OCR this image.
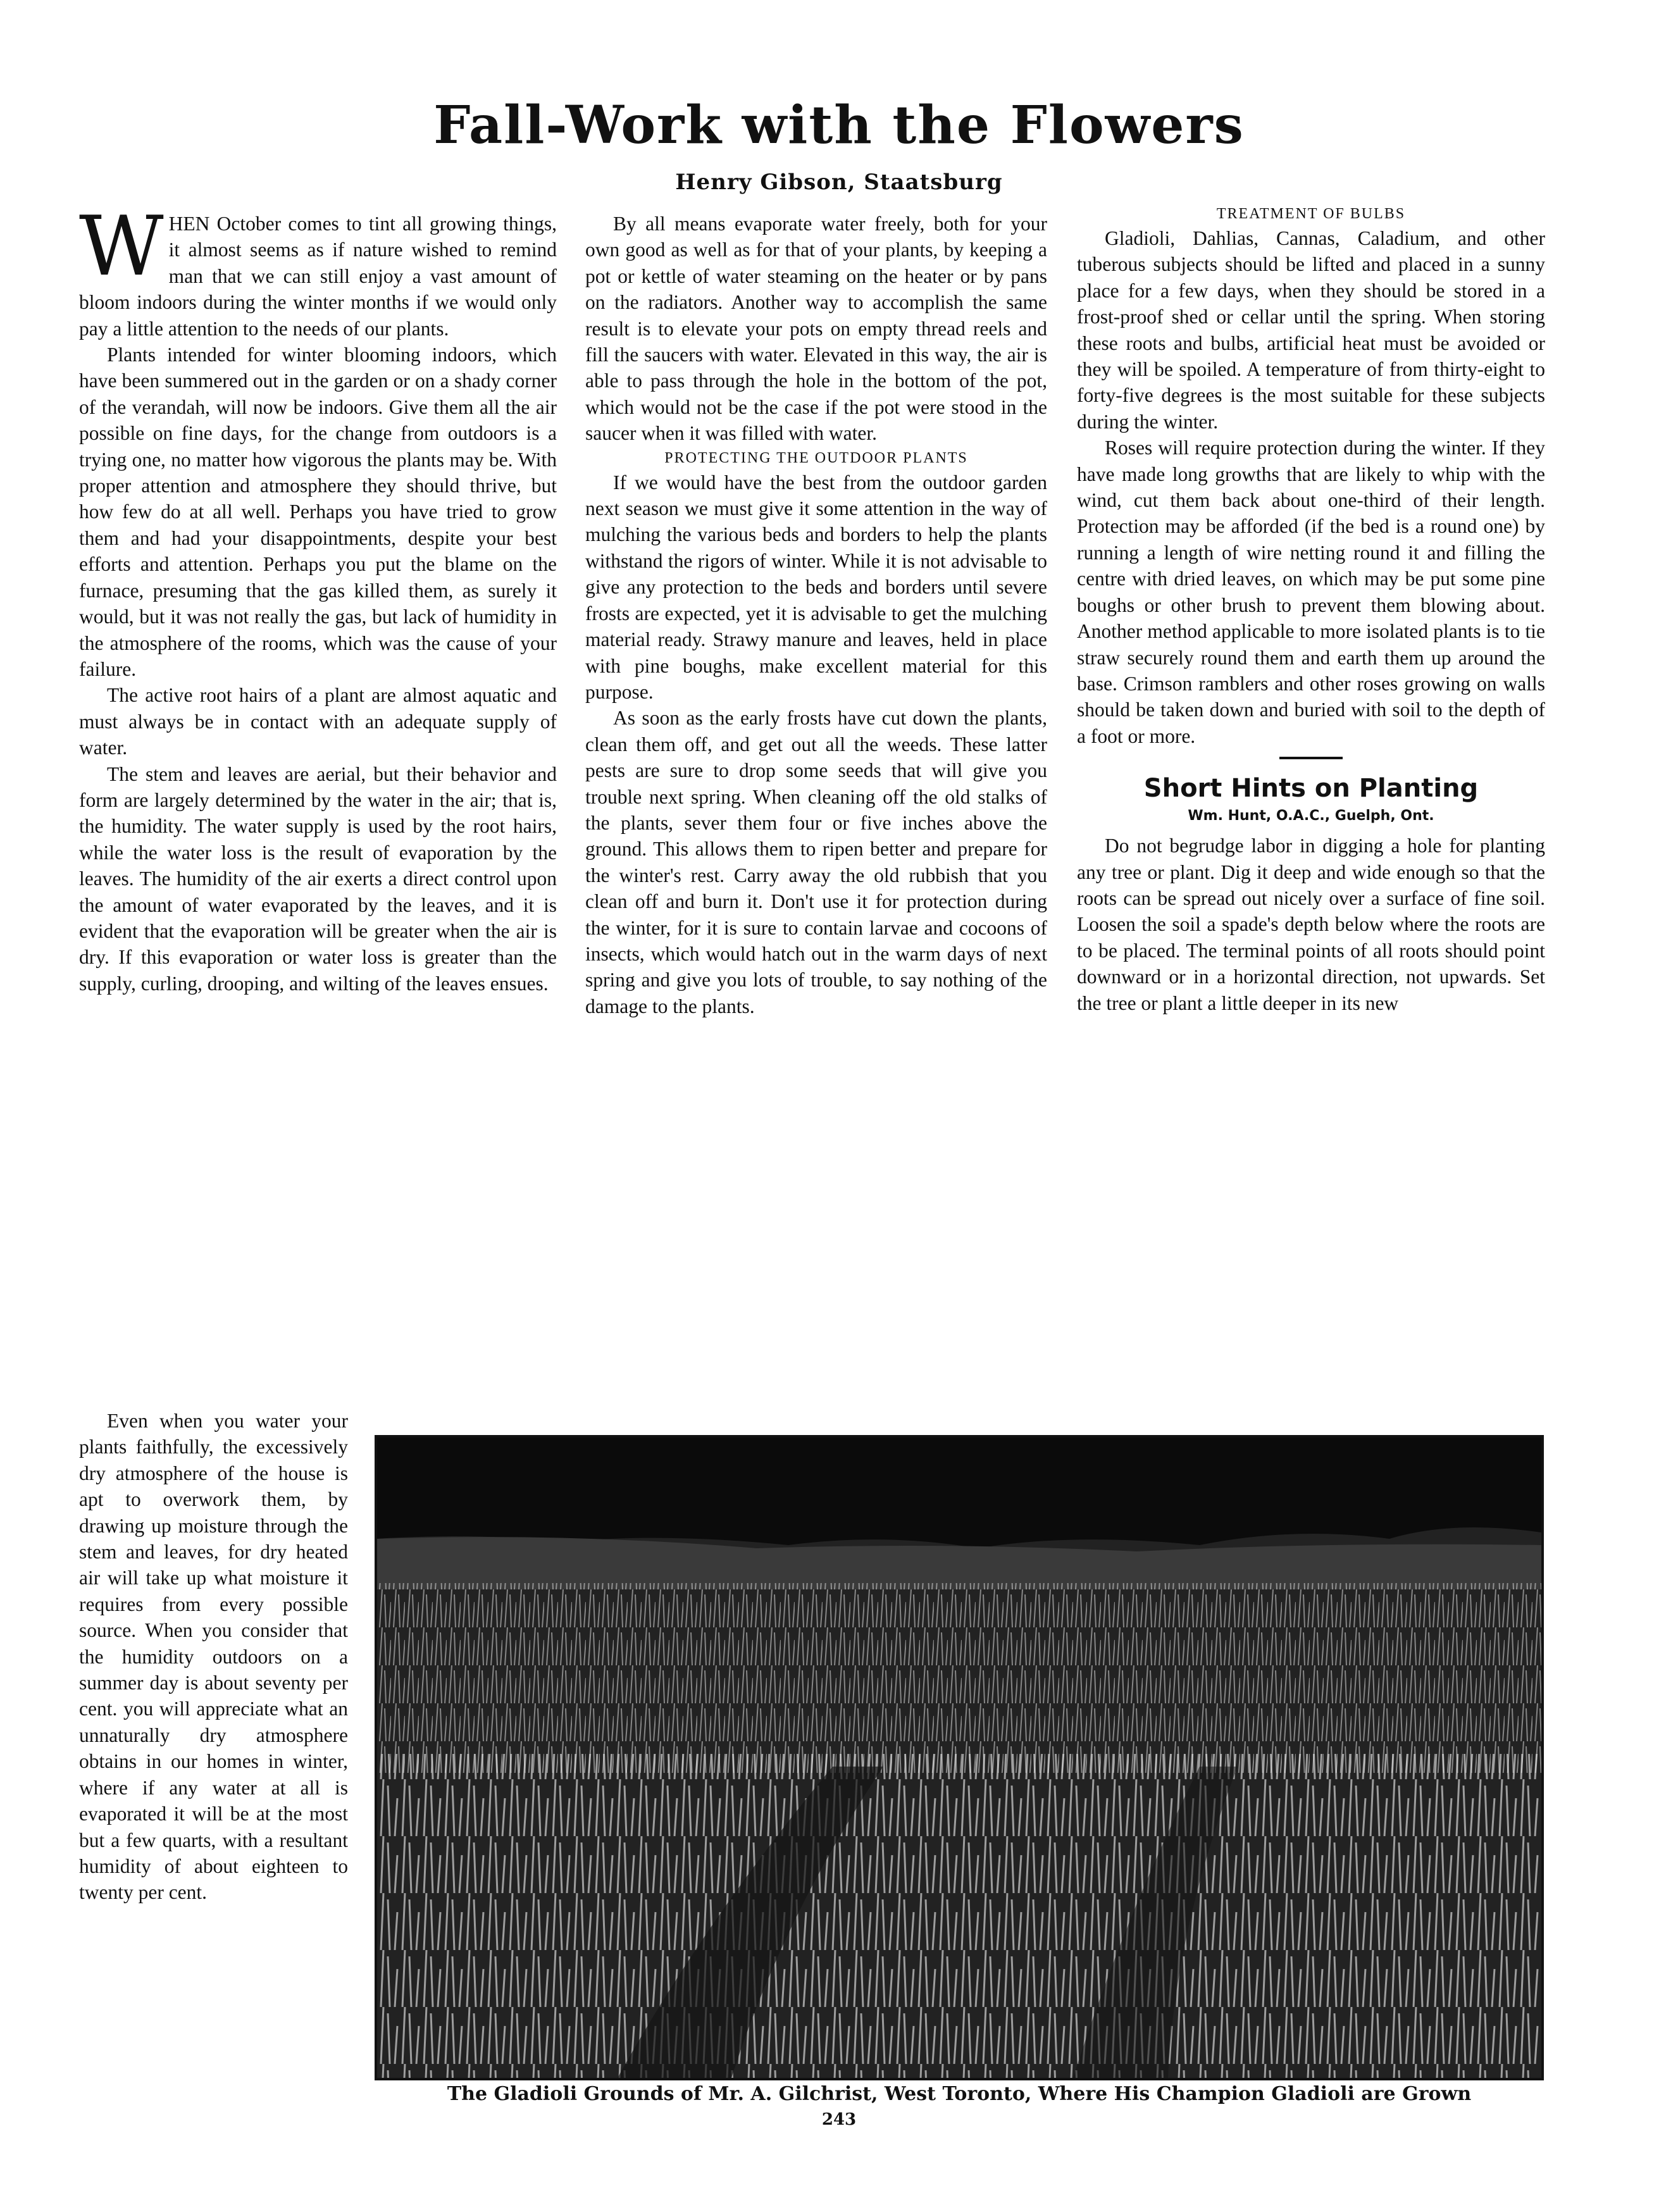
Fall-Work with the Flowers
Henry Gibson, Staatsburg

WHEN October comes to tint all growing things, it almost seems as if nature wished to remind man that we can still enjoy a vast amount of bloom indoors during the winter months if we would only pay a little attention to the needs of our plants.

Plants intended for winter blooming indoors, which have been summered out in the garden or on a shady corner of the verandah, will now be indoors. Give them all the air possible on fine days, for the change from outdoors is a trying one, no matter how vigorous the plants may be. With proper attention and atmosphere they should thrive, but how few do at all well. Perhaps you have tried to grow them and had your disappointments, despite your best efforts and attention. Perhaps you put the blame on the furnace, presuming that the gas killed them, as surely it would, but it was not really the gas, but lack of humidity in the atmosphere of the rooms, which was the cause of your failure.

The active root hairs of a plant are almost aquatic and must always be in contact with an adequate supply of water.

The stem and leaves are aerial, but their behavior and form are largely determined by the water in the air; that is, the humidity. The water supply is used by the root hairs, while the water loss is the result of evaporation by the leaves. The humidity of the air exerts a direct control upon the amount of water evaporated by the leaves, and it is evident that the evaporation will be greater when the air is dry. If this evaporation or water loss is greater than the supply, curling, drooping, and wilting of the leaves ensues.

Even when you water your plants faithfully, the excessively dry atmosphere of the house is apt to overwork them, by drawing up moisture through the stem and leaves, for dry heated air will take up what moisture it requires from every possible source. When you consider that the humidity outdoors on a summer day is about seventy per cent. you will appreciate what an unnaturally dry atmosphere obtains in our homes in winter, where if any water at all is evaporated it will be at the most but a few quarts, with a resultant humidity of about eighteen to twenty per cent.

By all means evaporate water freely, both for your own good as well as for that of your plants, by keeping a pot or kettle of water steaming on the heater or by pans on the radiators. Another way to accomplish the same result is to elevate your pots on empty thread reels and fill the saucers with water. Elevated in this way, the air is able to pass through the hole in the bottom of the pot, which would not be the case if the pot were stood in the saucer when it was filled with water.

PROTECTING THE OUTDOOR PLANTS

If we would have the best from the outdoor garden next season we must give it some attention in the way of mulching the various beds and borders to help the plants withstand the rigors of winter. While it is not advisable to give any protection to the beds and borders until severe frosts are expected, yet it is advisable to get the mulching material ready. Strawy manure and leaves, held in place with pine boughs, make excellent material for this purpose.

As soon as the early frosts have cut down the plants, clean them off, and get out all the weeds. These latter pests are sure to drop some seeds that will give you trouble next spring. When cleaning off the old stalks of the plants, sever them four or five inches above the ground. This allows them to ripen better and prepare for the winter's rest. Carry away the old rubbish that you clean off and burn it. Don't use it for protection during the winter, for it is sure to contain larvae and cocoons of insects, which would hatch out in the warm days of next spring and give you lots of trouble, to say nothing of the damage to the plants.

TREATMENT OF BULBS

Gladioli, Dahlias, Cannas, Caladium, and other tuberous subjects should be lifted and placed in a sunny place for a few days, when they should be stored in a frost-proof shed or cellar until the spring. When storing these roots and bulbs, artificial heat must be avoided or they will be spoiled. A temperature of from thirty-eight to forty-five degrees is the most suitable for these subjects during the winter.

Roses will require protection during the winter. If they have made long growths that are likely to whip with the wind, cut them back about one-third of their length. Protection may be afforded (if the bed is a round one) by running a length of wire netting round it and filling the centre with dried leaves, on which may be put some pine boughs or other brush to prevent them blowing about. Another method applicable to more isolated plants is to tie straw securely round them and earth them up around the base. Crimson ramblers and other roses growing on walls should be taken down and buried with soil to the depth of a foot or more.

Short Hints on Planting
Wm. Hunt, O.A.C., Guelph, Ont.

Do not begrudge labor in digging a hole for planting any tree or plant. Dig it deep and wide enough so that the roots can be spread out nicely over a surface of fine soil. Loosen the soil a spade's depth below where the roots are to be placed. The terminal points of all roots should point downward or in a horizontal direction, not upwards. Set the tree or plant a little deeper in its new

The Gladioli Grounds of Mr. A. Gilchrist, West Toronto, Where His Champion Gladioli are Grown
243
